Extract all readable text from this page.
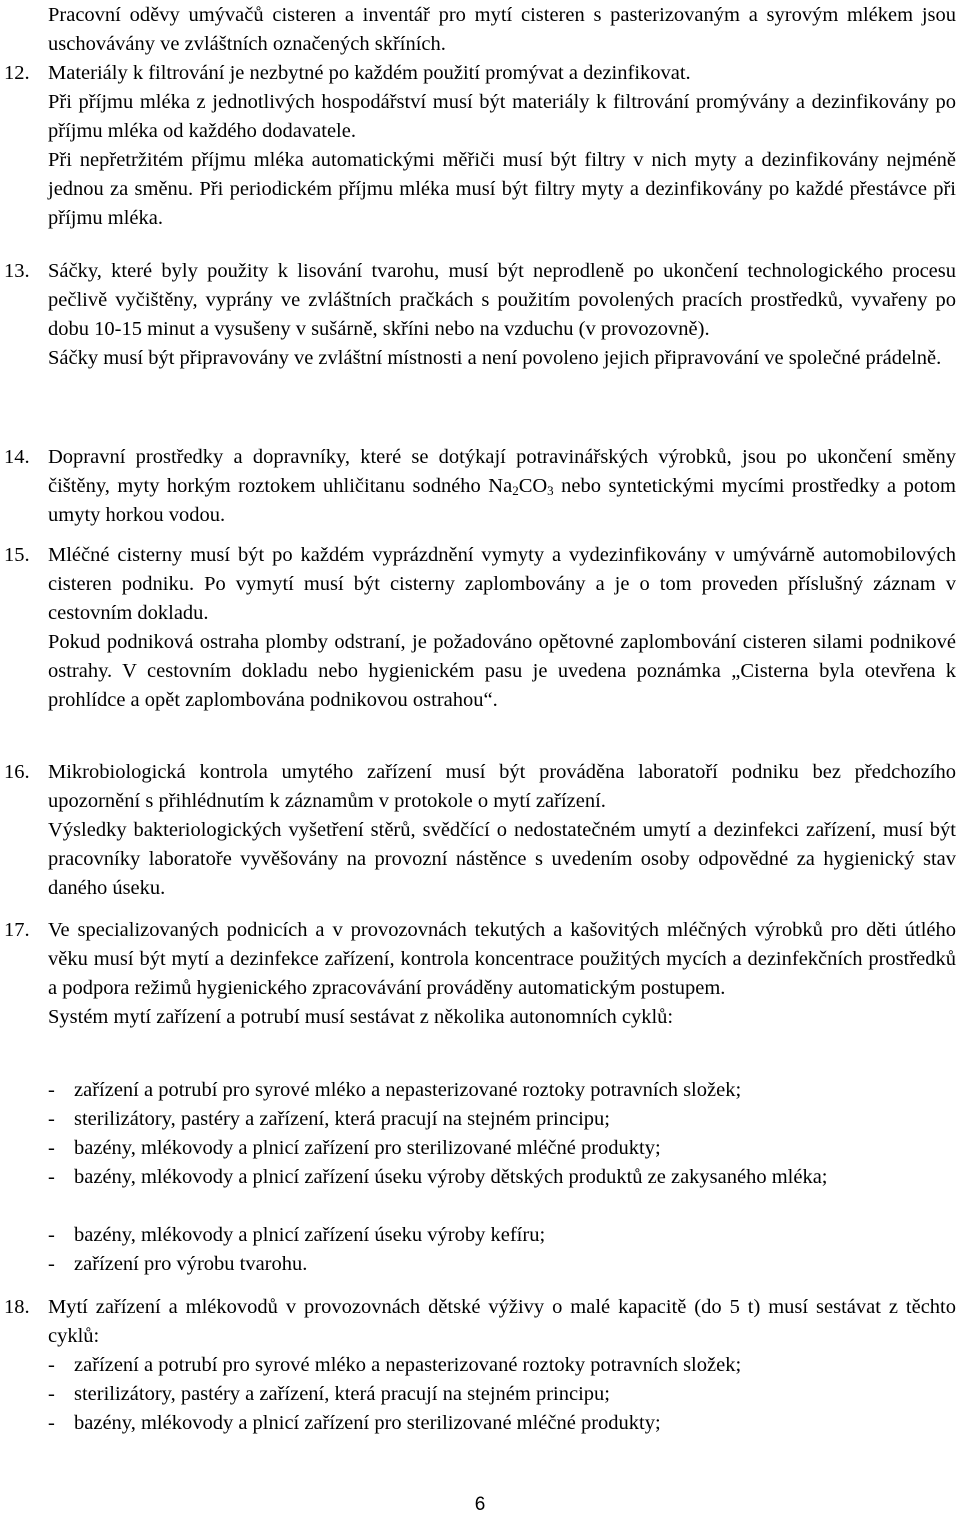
Pracovní oděvy umývačů cisteren a inventář pro mytí cisteren s pasterizovaným a syrovým mlékem jsou uschovávány ve zvláštních označených skříních.
12. Materiály k filtrování je nezbytné po každém použití promývat a dezinfikovat.

Při příjmu mléka z jednotlivých hospodářství musí být materiály k filtrování promývány a dezinfikovány po příjmu mléka od každého dodavatele.

Při nepřetržitém příjmu mléka automatickými měřiči musí být filtry v nich myty a dezinfikovány nejméně jednou za směnu. Při periodickém příjmu mléka musí být filtry myty a dezinfikovány po každé přestávce při příjmu mléka.

13. Sáčky, které byly použity k lisování tvarohu, musí být neprodleně po ukončení technologického procesu pečlivě vyčištěny, vyprány ve zvláštních pračkách s použitím povolených pracích prostředků, vyvařeny po dobu 10-15 minut a vysušeny v sušárně, skříni nebo na vzduchu (v provozovně).

Sáčky musí být připravovány ve zvláštní místnosti a není povoleno jejich připravování ve společné prádelně.

14. Dopravní prostředky a dopravníky, které se dotýkají potravinářských výrobků, jsou po ukončení směny čištěny, myty horkým roztokem uhličitanu sodného $Na_2CO_3$ nebo syntetickými mycími prostředky a potom umyty horkou vodou.

15. Mléčné cisterny musí být po každém vyprázdnění vymyty a vydezinfikovány v umývárně automobilových cisteren podniku. Po vymytí musí být cisterny zaplombovány a je o tom proveden příslušný záznam v cestovním dokladu.

Pokud podniková ostraha plomby odstraní, je požadováno opětovné zaplombování cisteren silami podnikové ostrahy. V cestovním dokladu nebo hygienickém pasu je uvedena poznámka „Cisterna byla otevřena k prohlídce a opět zaplombována podnikovou ostrahou“.

16. Mikrobiologická kontrola umytého zařízení musí být prováděna laboratoří podniku bez předchozího upozornění s přihlédnutím k záznamům v protokole o mytí zařízení.

Výsledky bakteriologických vyšetření stěrů, svědčící o nedostatečném umytí a dezinfekci zařízení, musí být pracovníky laboratoře vyvěšovány na provozní nástěnce s uvedením osoby odpovědné za hygienický stav daného úseku.

17. Ve specializovaných podnicích a v provozovnách tekutých a kašovitých mléčných výrobků pro děti útlého věku musí být mytí a dezinfekce zařízení, kontrola koncentrace použitých mycích a dezinfekčních prostředků a podpora režimů hygienického zpracovávání prováděny automatickým postupem.

Systém mytí zařízení a potrubí musí sestávat z několika autonomních cyklů:

- zařízení a potrubí pro syrové mléko a nepasterizované roztoky potravních složek;
- sterilizátory, pastéry a zařízení, která pracují na stejném principu;
- bazény, mlékovody a plnicí zařízení pro sterilizované mléčné produkty;
- bazény, mlékovody a plnicí zařízení úseku výroby dětských produktů ze zakysaného mléka;
- bazény, mlékovody a plnicí zařízení úseku výroby kefíru;
- zařízení pro výrobu tvarohu.
18. Mytí zařízení a mlékovodů v provozovnách dětské výživy o malé kapacitě (do 5 t) musí sestávat z těchto cyklů:

- zařízení a potrubí pro syrové mléko a nepasterizované roztoky potravních složek;
- sterilizátory, pastéry a zařízení, která pracují na stejném principu;
- bazény, mlékovody a plnicí zařízení pro sterilizované mléčné produkty;
6
